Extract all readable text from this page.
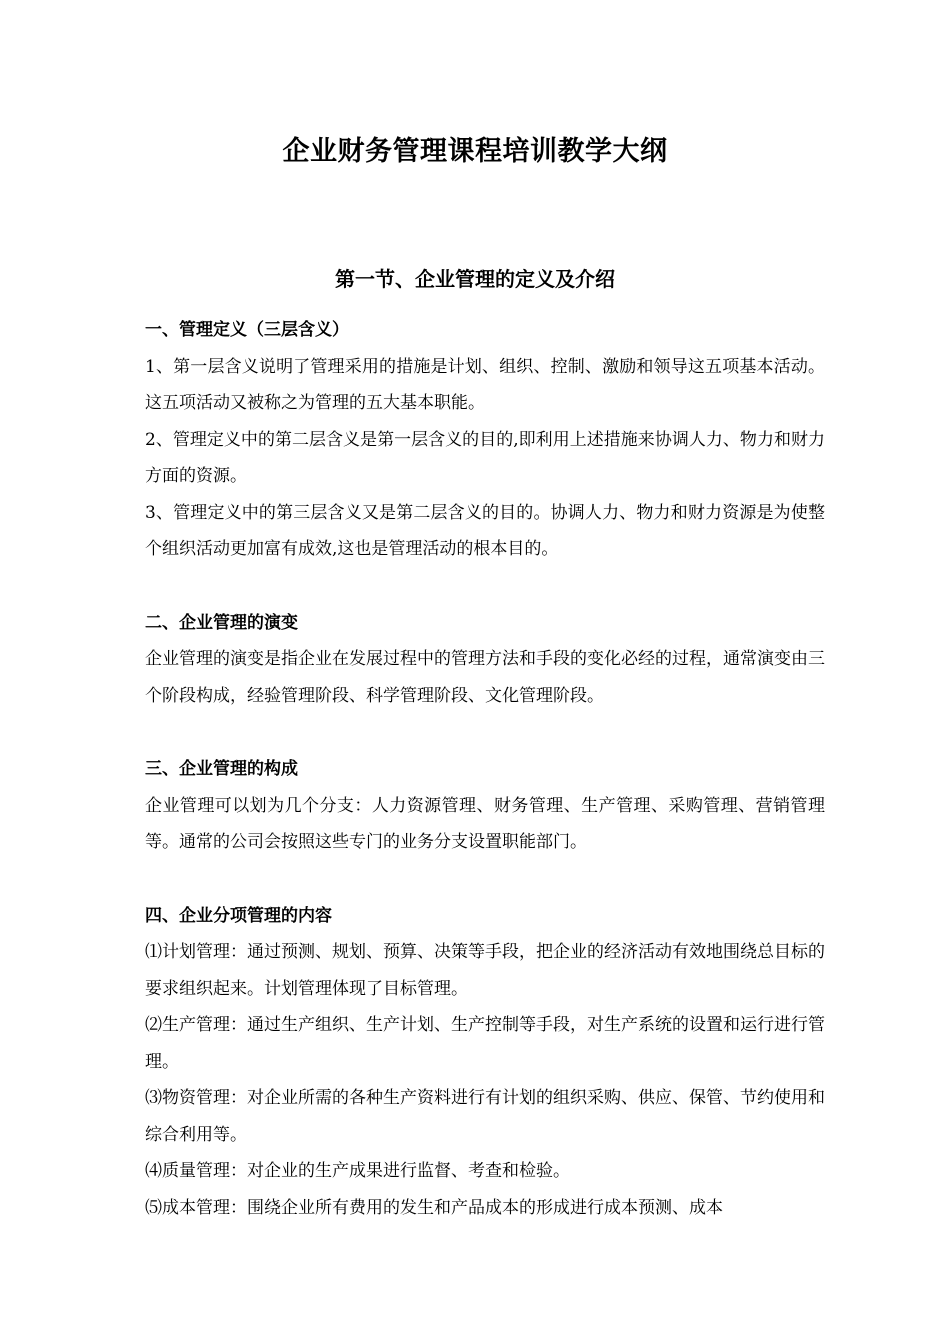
企业财务管理课程培训教学大纲
第一节、企业管理的定义及介绍

一、管理定义（三层含义）

1、第一层含义说明了管理采用的措施是计划、组织、控制、激励和领导这五项基本活动。这五项活动又被称之为管理的五大基本职能。

2、管理定义中的第二层含义是第一层含义的目的,即利用上述措施来协调人力、物力和财力方面的资源。

3、管理定义中的第三层含义又是第二层含义的目的。协调人力、物力和财力资源是为使整个组织活动更加富有成效,这也是管理活动的根本目的。

二、企业管理的演变

企业管理的演变是指企业在发展过程中的管理方法和手段的变化必经的过程，通常演变由三个阶段构成，经验管理阶段、科学管理阶段、文化管理阶段。

三、企业管理的构成

企业管理可以划为几个分支：人力资源管理、财务管理、生产管理、采购管理、营销管理等。通常的公司会按照这些专门的业务分支设置职能部门。

四、企业分项管理的内容

⑴计划管理：通过预测、规划、预算、决策等手段，把企业的经济活动有效地围绕总目标的要求组织起来。计划管理体现了目标管理。

⑵生产管理：通过生产组织、生产计划、生产控制等手段，对生产系统的设置和运行进行管理。

⑶物资管理：对企业所需的各种生产资料进行有计划的组织采购、供应、保管、节约使用和综合利用等。

⑷质量管理：对企业的生产成果进行监督、考查和检验。

⑸成本管理：围绕企业所有费用的发生和产品成本的形成进行成本预测、成本
